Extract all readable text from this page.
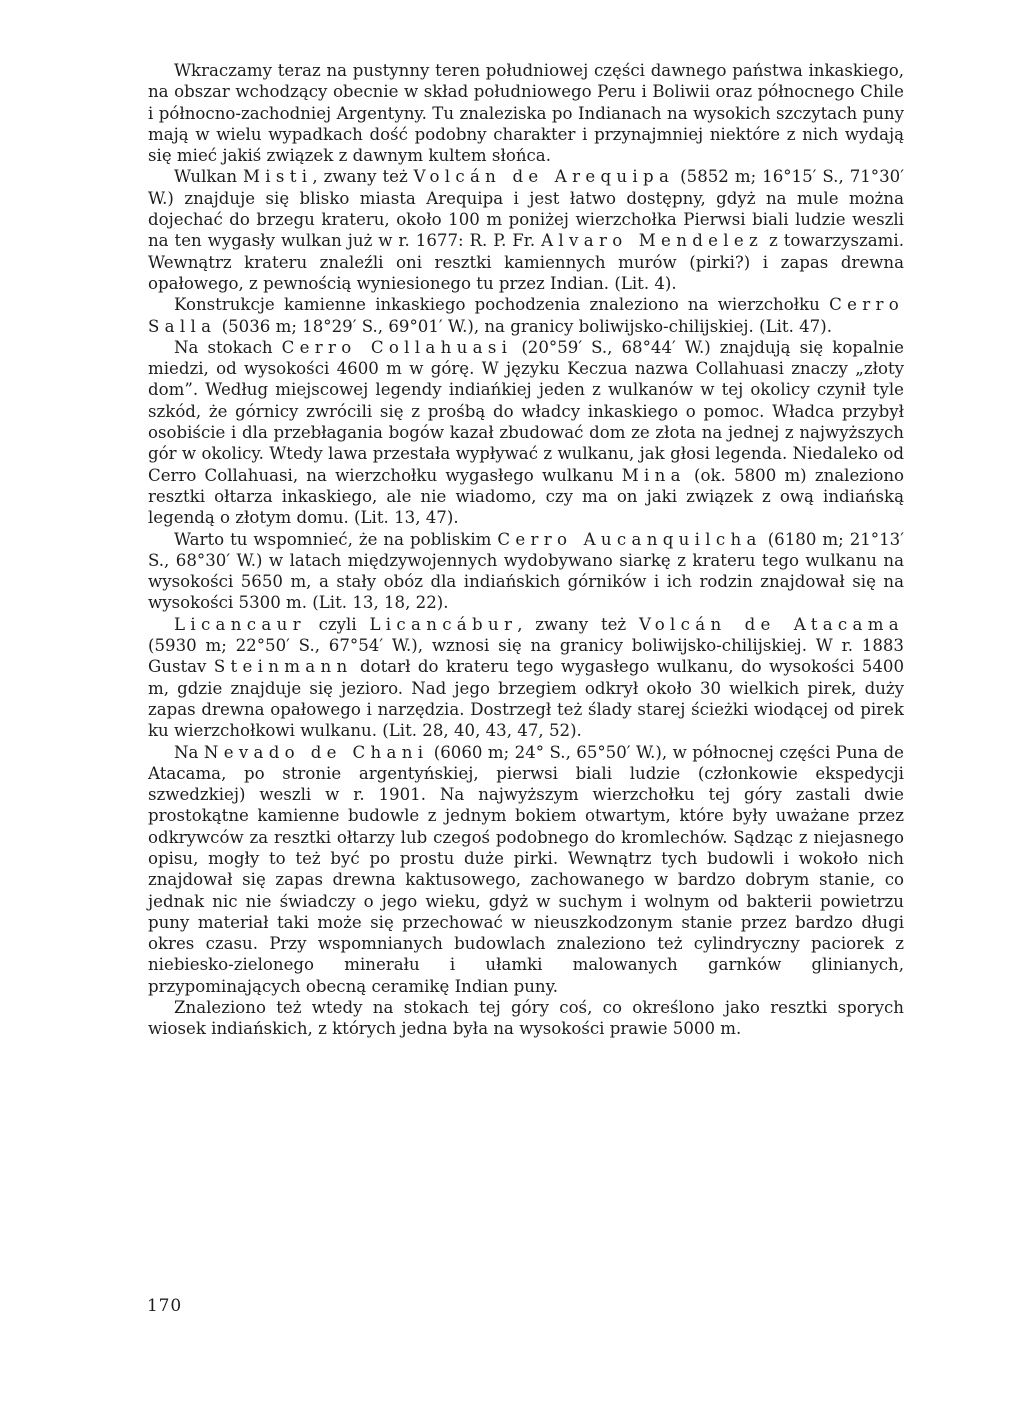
Wkraczamy teraz na pustynny teren południowej części dawnego państwa inkaskiego, na obszar wchodzący obecnie w skład południowego Peru i Boliwii oraz północnego Chile i północno-zachodniej Argentyny. Tu znaleziska po Indianach na wysokich szczytach puny mają w wielu wypadkach dość podobny charakter i przynajmniej niektóre z nich wydają się mieć jakiś związek z dawnym kultem słońca.

Wulkan Misti, zwany też Volcán de Arequipa (5852 m; 16°15′ S., 71°30′ W.) znajduje się blisko miasta Arequipa i jest łatwo dostępny, gdyż na mule można dojechać do brzegu krateru, około 100 m poniżej wierzchołka Pierwsi biali ludzie weszli na ten wygasły wulkan już w r. 1677: R. P. Fr. Alvaro Mendelez z towarzyszami. Wewnątrz krateru znaleźli oni resztki kamiennych murów (pirki?) i zapas drewna opałowego, z pewnością wyniesionego tu przez Indian. (Lit. 4).

Konstrukcje kamienne inkaskiego pochodzenia znaleziono na wierzchołku Cerro Salla (5036 m; 18°29′ S., 69°01′ W.), na granicy boliwijsko-chilijskiej. (Lit. 47).

Na stokach Cerro Collahuasi (20°59′ S., 68°44′ W.) znajdują się kopalnie miedzi, od wysokości 4600 m w górę. W języku Keczua nazwa Collahuasi znaczy „złoty dom”. Według miejscowej legendy indiańkiej jeden z wulkanów w tej okolicy czynił tyle szkód, że górnicy zwrócili się z prośbą do władcy inkaskiego o pomoc. Władca przybył osobiście i dla przebłagania bogów kazał zbudować dom ze złota na jednej z najwyższych gór w okolicy. Wtedy lawa przestała wypływać z wulkanu, jak głosi legenda. Niedaleko od Cerro Collahuasi, na wierzchołku wygasłego wulkanu Mina (ok. 5800 m) znaleziono resztki ołtarza inkaskiego, ale nie wiadomo, czy ma on jaki związek z ową indiańską legendą o złotym domu. (Lit. 13, 47).

Warto tu wspomnieć, że na pobliskim Cerro Aucanquilcha (6180 m; 21°13′ S., 68°30′ W.) w latach międzywojennych wydobywano siarkę z krateru tego wulkanu na wysokości 5650 m, a stały obóz dla indiańskich górników i ich rodzin znajdował się na wysokości 5300 m. (Lit. 13, 18, 22).

Licancaur czyli Licancábur, zwany też Volcán de Atacama (5930 m; 22°50′ S., 67°54′ W.), wznosi się na granicy boliwijsko-chilijskiej. W r. 1883 Gustav Steinmann dotarł do krateru tego wygasłego wulkanu, do wysokości 5400 m, gdzie znajduje się jezioro. Nad jego brzegiem odkrył około 30 wielkich pirek, duży zapas drewna opałowego i narzędzia. Dostrzegł też ślady starej ścieżki wiodącej od pirek ku wierzchołkowi wulkanu. (Lit. 28, 40, 43, 47, 52).

Na Nevado de Chani (6060 m; 24° S., 65°50′ W.), w północnej części Puna de Atacama, po stronie argentyńskiej, pierwsi biali ludzie (członkowie ekspedycji szwedzkiej) weszli w r. 1901. Na najwyższym wierzchołku tej góry zastali dwie prostokątne kamienne budowle z jednym bokiem otwartym, które były uważane przez odkrywców za resztki ołtarzy lub czegoś podobnego do kromlechów. Sądząc z niejasnego opisu, mogły to też być po prostu duże pirki. Wewnątrz tych budowli i wokoło nich znajdował się zapas drewna kaktusowego, zachowanego w bardzo dobrym stanie, co jednak nic nie świadczy o jego wieku, gdyż w suchym i wolnym od bakterii powietrzu puny materiał taki może się przechować w nieuszkodzonym stanie przez bardzo długi okres czasu. Przy wspomnianych budowlach znaleziono też cylindryczny paciorek z niebiesko-zielonego minerału i ułamki malowanych garnków glinianych, przypominających obecną ceramikę Indian puny.

Znaleziono też wtedy na stokach tej góry coś, co określono jako resztki sporych wiosek indiańskich, z których jedna była na wysokości prawie 5000 m.

170
